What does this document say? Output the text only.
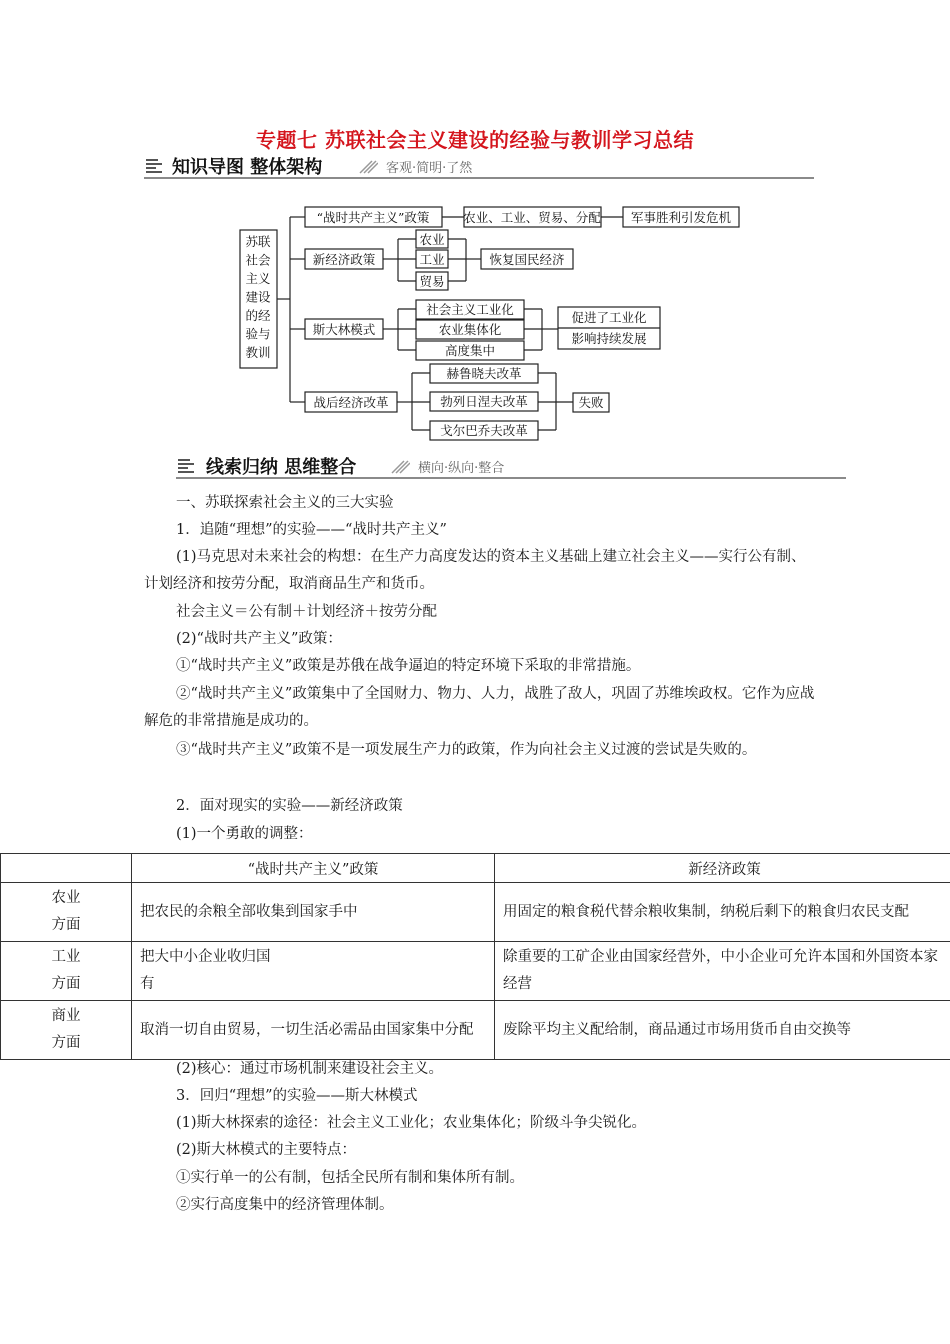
专题七 苏联社会主义建设的经验与教训学习总结
知识导图 整体架构	客观·简明·了然
苏联社会主义建设的经验与教训
“战时共产主义”政策
新经济政策
斯大林模式
战后经济改革
农业、工业、贸易、分配 军事胜利引发危机
农业
工业
贸易
恢复国民经济
社会主义工业化
农业集体化
高度集中
促进了工业化
影响持续发展
赫鲁晓夫改革
勃列日涅夫改革
戈尔巴乔夫改革
失败
线索归纳 思维整合	横向·纵向·整合
一、苏联探索社会主义的三大实验
1．追随“理想”的实验——“战时共产主义”
(1)马克思对未来社会的构想：在生产力高度发达的资本主义基础上建立社会主义——实行公有制、计划经济和按劳分配，取消商品生产和货币。
社会主义＝公有制＋计划经济＋按劳分配
(2)“战时共产主义”政策：
①“战时共产主义”政策是苏俄在战争逼迫的特定环境下采取的非常措施。
②“战时共产主义”政策集中了全国财力、物力、人力，战胜了敌人，巩固了苏维埃政权。它作为应战解危的非常措施是成功的。
③“战时共产主义”政策不是一项发展生产力的政策，作为向社会主义过渡的尝试是失败的。
2．面对现实的实验——新经济政策
(1)一个勇敢的调整：
	“战时共产主义”政策	新经济政策

农业方面	把农民的余粮全部收集到国家手中	用固定的粮食税代替余粮收集制，纳税后剩下的粮食归农民支配

工业方面	把大中小企业收归国有	除重要的工矿企业由国家经营外，中小企业可允许本国和外国资本家经营

商业方面	取消一切自由贸易，一切生活必需品由国家集中分配	废除平均主义配给制，商品通过市场用货币自由交换等
(2)核心：通过市场机制来建设社会主义。
3．回归“理想”的实验——斯大林模式
(1)斯大林探索的途径：社会主义工业化；农业集体化；阶级斗争尖锐化。
(2)斯大林模式的主要特点：
①实行单一的公有制，包括全民所有制和集体所有制。
②实行高度集中的经济管理体制。
